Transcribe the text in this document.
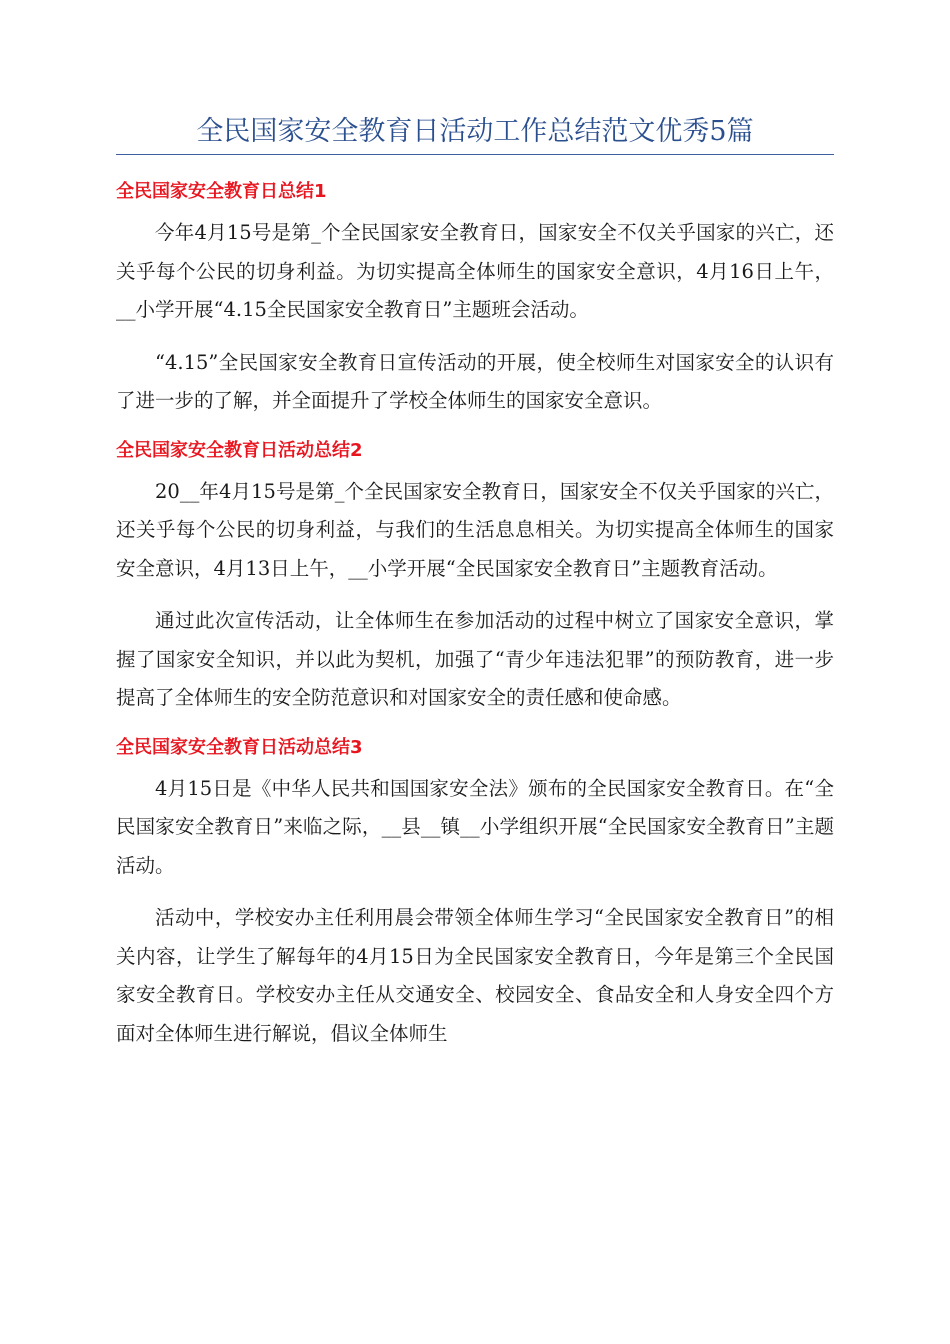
全民国家安全教育日活动工作总结范文优秀5篇
全民国家安全教育日总结1

今年4月15号是第_个全民国家安全教育日，国家安全不仅关乎国家的兴亡，还关乎每个公民的切身利益。为切实提高全体师生的国家安全意识，4月16日上午，__小学开展“4.15全民国家安全教育日”主题班会活动。

“4.15”全民国家安全教育日宣传活动的开展，使全校师生对国家安全的认识有了进一步的了解，并全面提升了学校全体师生的国家安全意识。

全民国家安全教育日活动总结2

20__年4月15号是第_个全民国家安全教育日，国家安全不仅关乎国家的兴亡，还关乎每个公民的切身利益，与我们的生活息息相关。为切实提高全体师生的国家安全意识，4月13日上午，__小学开展“全民国家安全教育日”主题教育活动。

通过此次宣传活动，让全体师生在参加活动的过程中树立了国家安全意识，掌握了国家安全知识，并以此为契机，加强了“青少年违法犯罪”的预防教育，进一步提高了全体师生的安全防范意识和对国家安全的责任感和使命感。

全民国家安全教育日活动总结3

4月15日是《中华人民共和国国家安全法》颁布的全民国家安全教育日。在“全民国家安全教育日”来临之际，__县__镇__小学组织开展“全民国家安全教育日”主题活动。

活动中，学校安办主任利用晨会带领全体师生学习“全民国家安全教育日”的相关内容，让学生了解每年的4月15日为全民国家安全教育日，今年是第三个全民国家安全教育日。学校安办主任从交通安全、校园安全、食品安全和人身安全四个方面对全体师生进行解说，倡议全体师生
